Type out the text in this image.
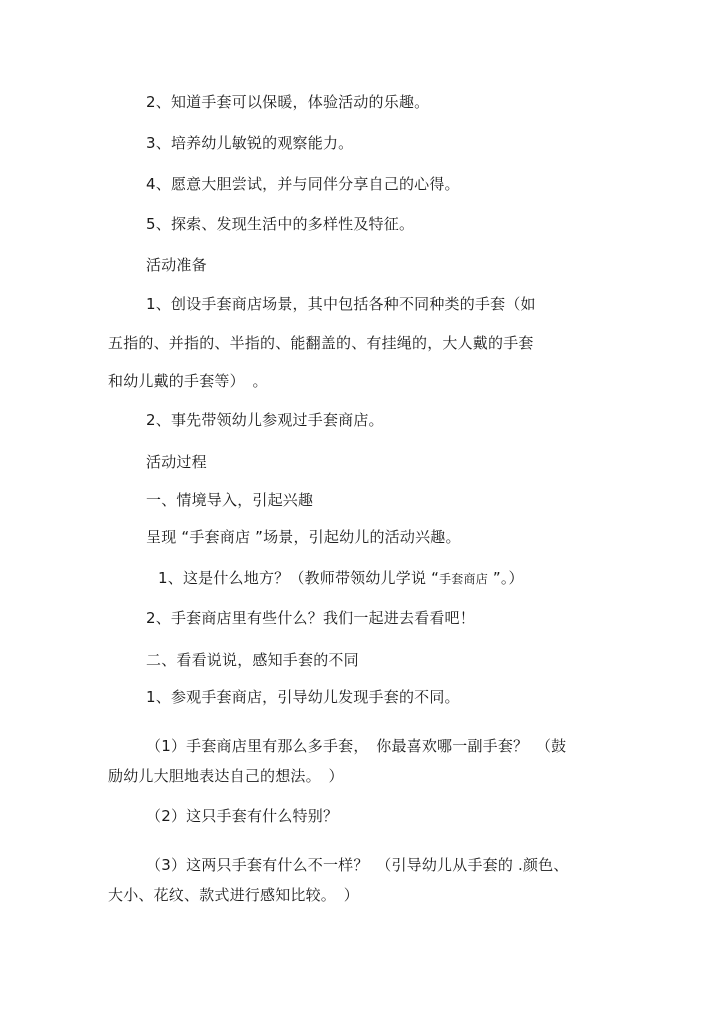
2、知道手套可以保暖，体验活动的乐趣。
3、培养幼儿敏锐的观察能力。
4、愿意大胆尝试，并与同伴分享自己的心得。
5、探索、发现生活中的多样性及特征。
活动准备
1、创设手套商店场景，其中包括各种不同种类的手套（如
五指的、并指的、半指的、能翻盖的、有挂绳的，大人戴的手套
和幼儿戴的手套等）　。
2、事先带领幼儿参观过手套商店。
活动过程
一、情境导入，引起兴趣
呈现 “手套商店 ”场景，引起幼儿的活动兴趣。
1、这是什么地方？（教师带领幼儿学说 “手套商店 ”。）
2、手套商店里有些什么？我们一起进去看看吧！
二、看看说说，感知手套的不同
1、参观手套商店，引导幼儿发现手套的不同。
（1）手套商店里有那么多手套，　你最喜欢哪一副手套？　（鼓
励幼儿大胆地表达自己的想法。　）
（2）这只手套有什么特别？
（3）这两只手套有什么不一样？　（引导幼儿从手套的 .颜色、
大小、花纹、款式进行感知比较。　）
